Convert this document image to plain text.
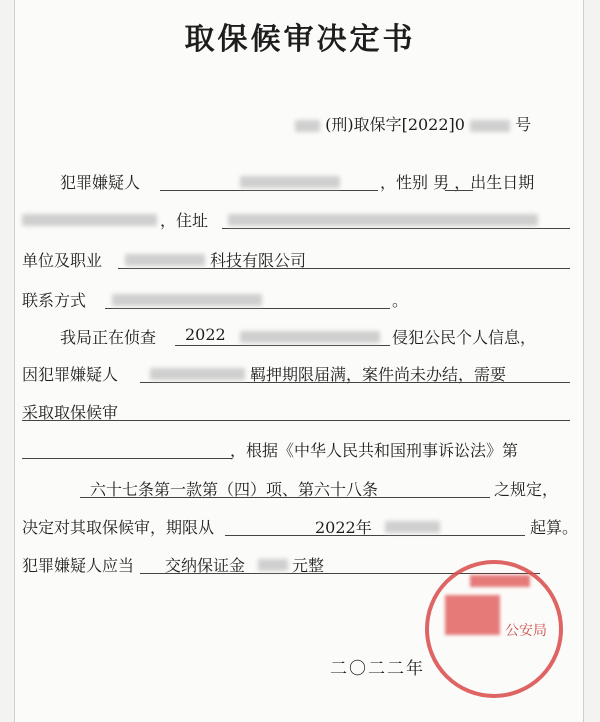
取保候审决定书
(刑)取保字[2022]0	号
犯罪嫌疑人	，性别 男 ，出生日期
，住址
单位及职业	科技有限公司
联系方式	。
我局正在侦查 2022	侵犯公民个人信息，
因犯罪嫌疑人	羁押期限届满，案件尚未办结，需要
采取取保候审
，根据《中华人民共和国刑事诉讼法》第
六十七条第一款第（四）项、第六十八条	之规定，
决定对其取保候审，期限从	2022年	起算。
犯罪嫌疑人应当 交纳保证金	元整
公安局
二〇二二年
